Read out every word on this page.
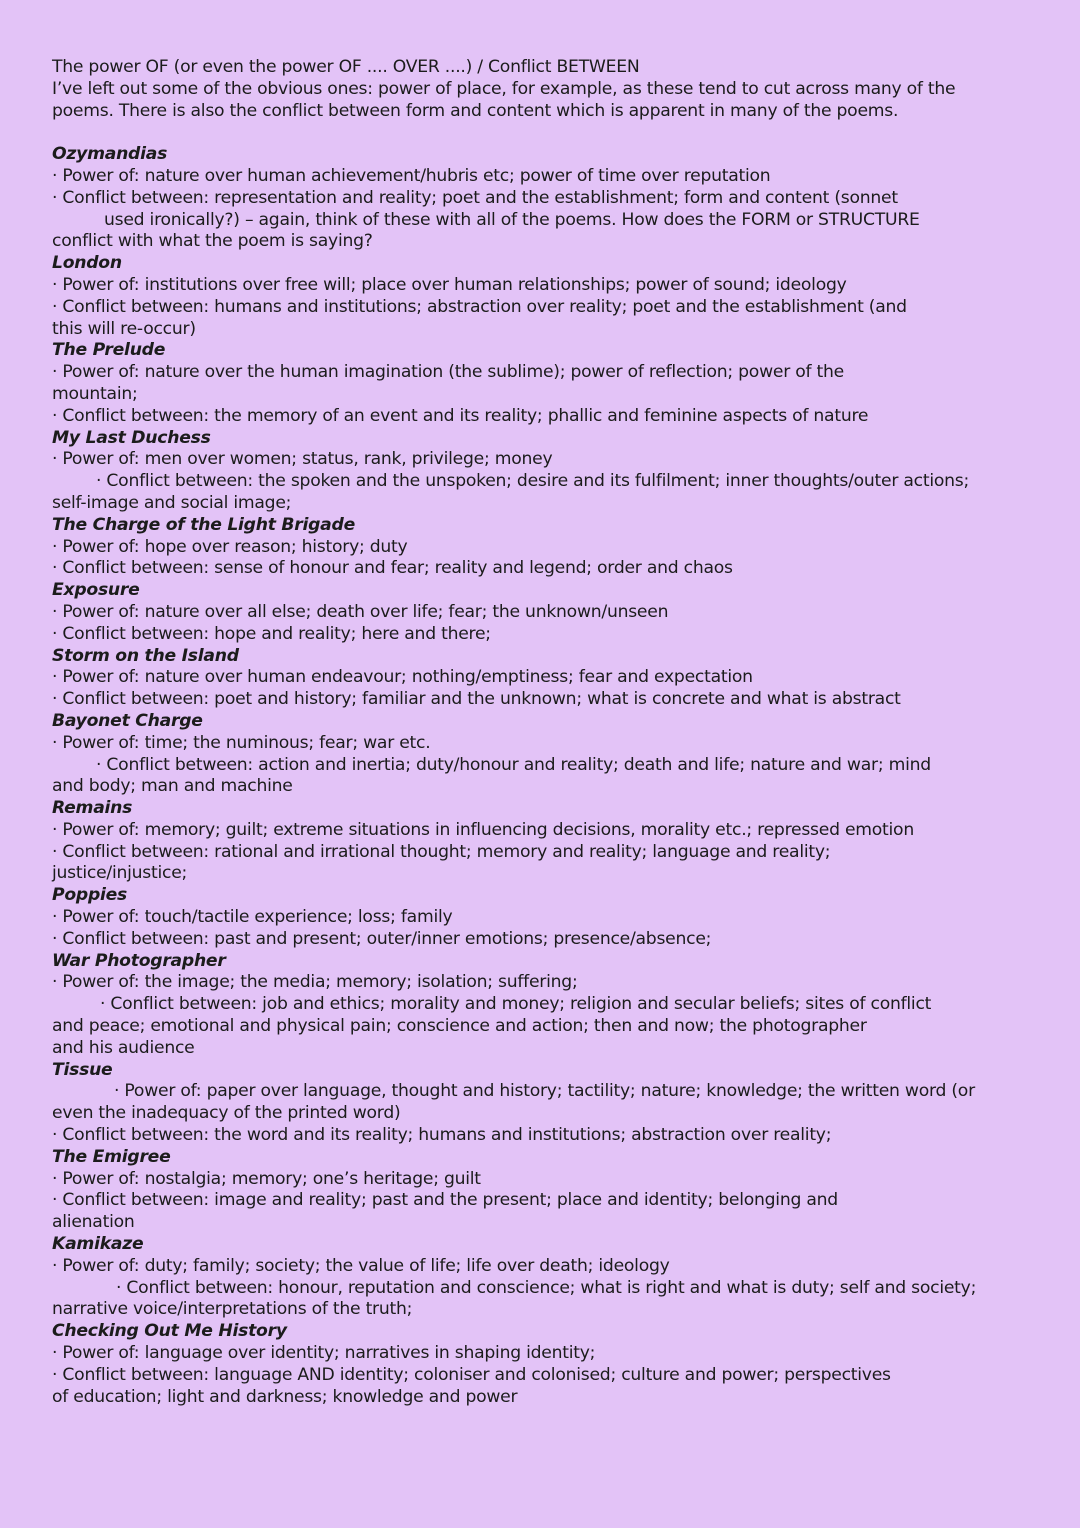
The power OF (or even the power OF .... OVER ....) / Conflict BETWEEN
I’ve left out some of the obvious ones: power of place, for example, as these tend to cut across many of the
poems. There is also the conflict between form and content which is apparent in many of the poems.
Ozymandias
· Power of: nature over human achievement/hubris etc; power of time over reputation
· Conflict between: representation and reality; poet and the establishment; form and content (sonnet
used ironically?) – again, think of these with all of the poems. How does the FORM or STRUCTURE
conflict with what the poem is saying?
London
· Power of: institutions over free will; place over human relationships; power of sound; ideology
· Conflict between: humans and institutions; abstraction over reality; poet and the establishment (and
this will re-occur)
The Prelude
· Power of: nature over the human imagination (the sublime); power of reflection; power of the
mountain;
· Conflict between: the memory of an event and its reality; phallic and feminine aspects of nature
My Last Duchess
· Power of: men over women; status, rank, privilege; money
· Conflict between: the spoken and the unspoken; desire and its fulfilment; inner thoughts/outer actions;
self-image and social image;
The Charge of the Light Brigade
· Power of: hope over reason; history; duty
· Conflict between: sense of honour and fear; reality and legend; order and chaos
Exposure
· Power of: nature over all else; death over life; fear; the unknown/unseen
· Conflict between: hope and reality; here and there;
Storm on the Island
· Power of: nature over human endeavour; nothing/emptiness; fear and expectation
· Conflict between: poet and history; familiar and the unknown; what is concrete and what is abstract
Bayonet Charge
· Power of: time; the numinous; fear; war etc.
· Conflict between: action and inertia; duty/honour and reality; death and life; nature and war; mind
and body; man and machine
Remains
· Power of: memory; guilt; extreme situations in influencing decisions, morality etc.; repressed emotion
· Conflict between: rational and irrational thought; memory and reality; language and reality;
justice/injustice;
Poppies
· Power of: touch/tactile experience; loss; family
· Conflict between: past and present; outer/inner emotions; presence/absence;
War Photographer
· Power of: the image; the media; memory; isolation; suffering;
· Conflict between: job and ethics; morality and money; religion and secular beliefs; sites of conflict
and peace; emotional and physical pain; conscience and action; then and now; the photographer
and his audience
Tissue
· Power of: paper over language, thought and history; tactility; nature; knowledge; the written word (or
even the inadequacy of the printed word)
· Conflict between: the word and its reality; humans and institutions; abstraction over reality;
The Emigree
· Power of: nostalgia; memory; one’s heritage; guilt
· Conflict between: image and reality; past and the present; place and identity; belonging and
alienation
Kamikaze
· Power of: duty; family; society; the value of life; life over death; ideology
· Conflict between: honour, reputation and conscience; what is right and what is duty; self and society;
narrative voice/interpretations of the truth;
Checking Out Me History
· Power of: language over identity; narratives in shaping identity;
· Conflict between: language AND identity; coloniser and colonised; culture and power; perspectives
of education; light and darkness; knowledge and power
